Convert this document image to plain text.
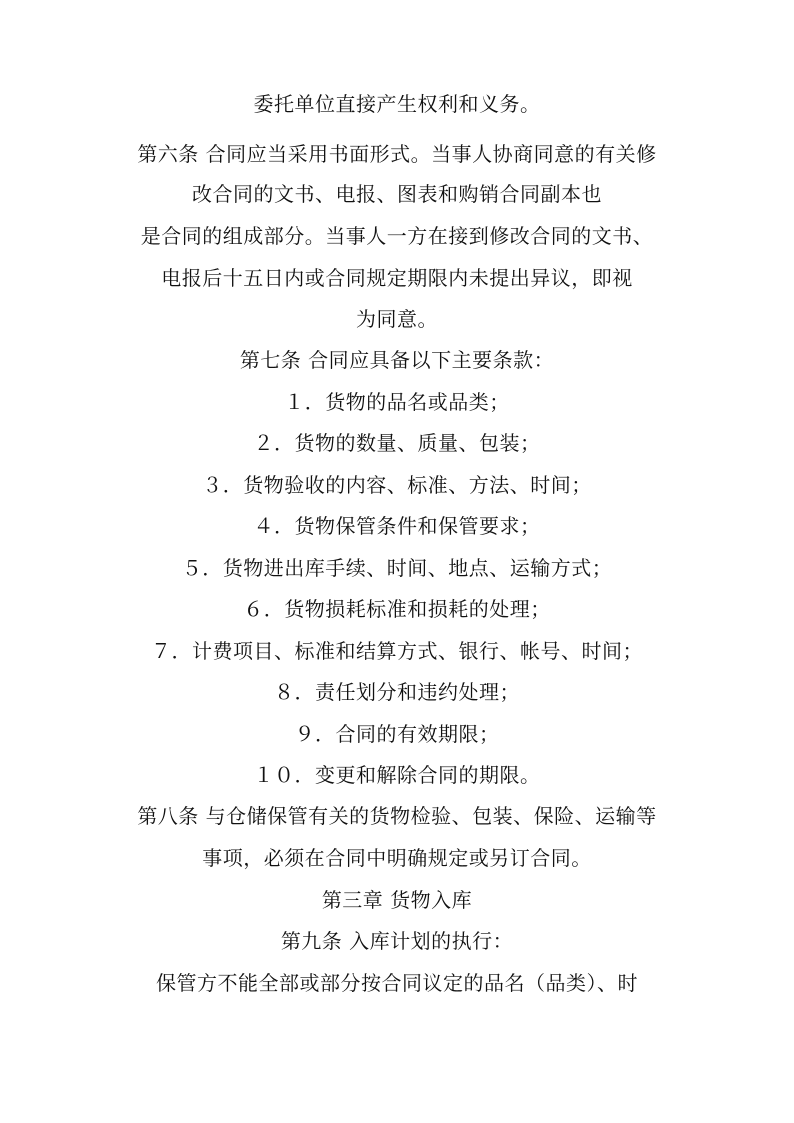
委托单位直接产生权利和义务。
第六条 合同应当采用书面形式。当事人协商同意的有关修
改合同的文书、电报、图表和购销合同副本也
是合同的组成部分。当事人一方在接到修改合同的文书、
电报后十五日内或合同规定期限内未提出异议，即视
为同意。
第七条 合同应具备以下主要条款：
１．货物的品名或品类；
２．货物的数量、质量、包装；
３．货物验收的内容、标准、方法、时间；
４．货物保管条件和保管要求；
５．货物进出库手续、时间、地点、运输方式；
６．货物损耗标准和损耗的处理；
７．计费项目、标准和结算方式、银行、帐号、时间；
８．责任划分和违约处理；
９．合同的有效期限；
１０．变更和解除合同的期限。
第八条 与仓储保管有关的货物检验、包装、保险、运输等
事项，必须在合同中明确规定或另订合同。
第三章 货物入库
第九条 入库计划的执行：
保管方不能全部或部分按合同议定的品名（品类）、时
